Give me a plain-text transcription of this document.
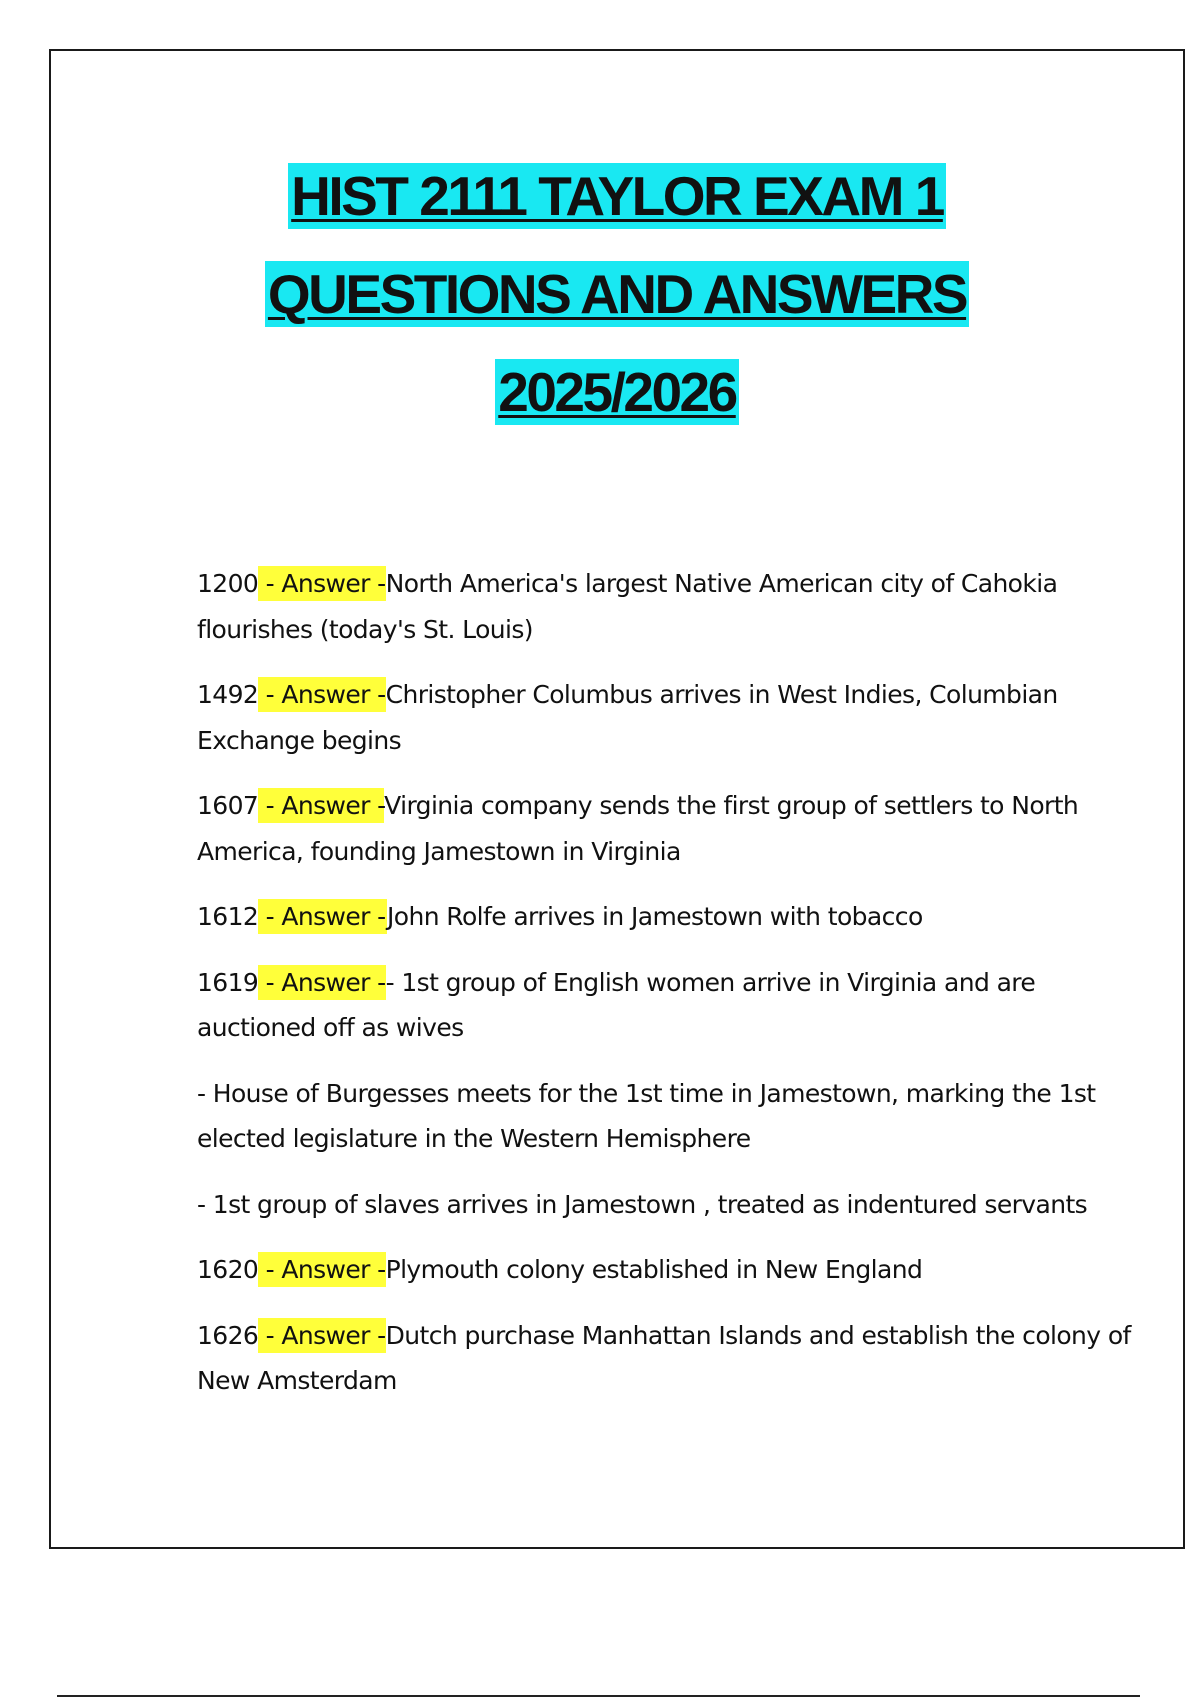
HIST 2111 TAYLOR EXAM 1
QUESTIONS AND ANSWERS
2025/2026

1200 - Answer -North America's largest Native American city of Cahokia flourishes (today's St. Louis)

1492 - Answer -Christopher Columbus arrives in West Indies, Columbian Exchange begins

1607 - Answer -Virginia company sends the first group of settlers to North America, founding Jamestown in Virginia

1612 - Answer -John Rolfe arrives in Jamestown with tobacco

1619 - Answer -- 1st group of English women arrive in Virginia and are auctioned off as wives

- House of Burgesses meets for the 1st time in Jamestown, marking the 1st elected legislature in the Western Hemisphere

- 1st group of slaves arrives in Jamestown , treated as indentured servants

1620 - Answer -Plymouth colony established in New England

1626 - Answer -Dutch purchase Manhattan Islands and establish the colony of New Amsterdam
